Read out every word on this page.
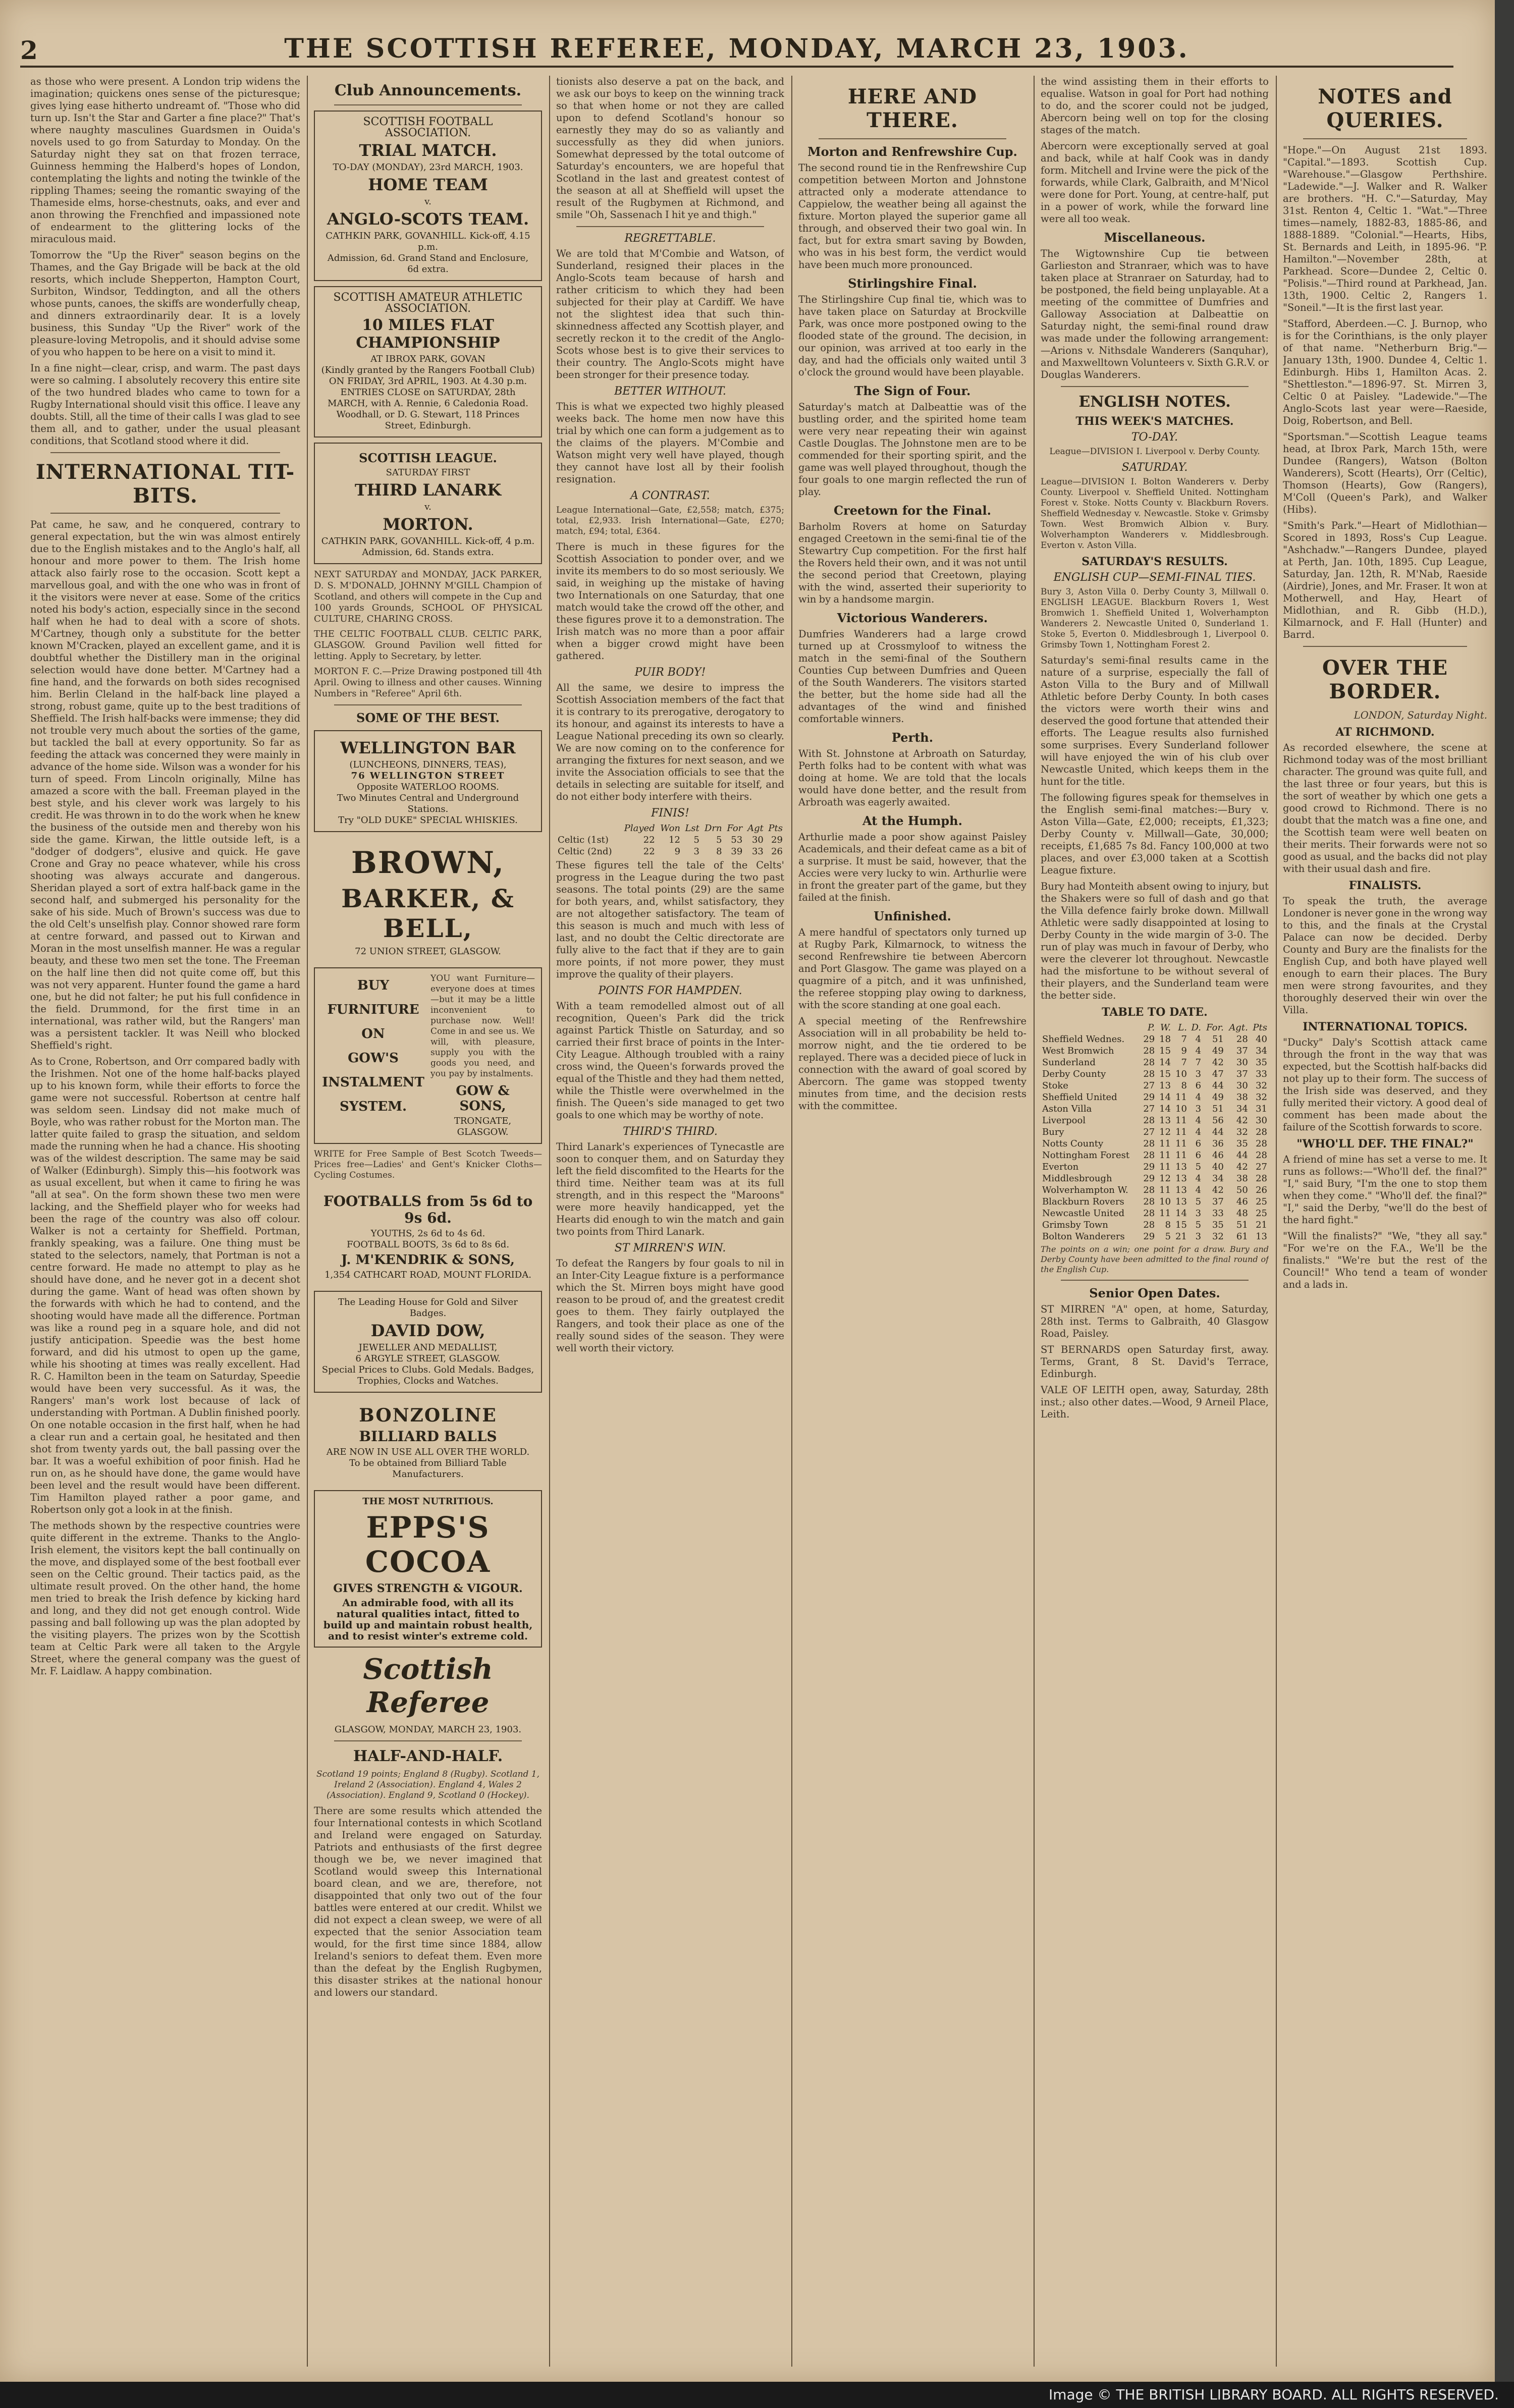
2	THE SCOTTISH REFEREE, MONDAY, MARCH 23, 1903.

as those who were present. A London trip widens the imagination; quickens ones sense of the picturesque; gives lying ease hitherto undreamt of. "Those who did turn up. Isn't the Star and Garter a fine place?" That's where naughty masculines Guardsmen in Ouida's novels used to go from Saturday to Monday. On the Saturday night they sat on that frozen terrace, Guinness hemming the Halberd's hopes of London, contemplating the lights and noting the twinkle of the rippling Thames; seeing the romantic swaying of the Thameside elms, horse-chestnuts, oaks, and ever and anon throwing the Frenchfied and impassioned note of endearment to the glittering locks of the miraculous maid.

Tomorrow the "Up the River" season begins on the Thames, and the Gay Brigade will be back at the old resorts, which include Shepperton, Hampton Court, Surbiton, Windsor, Teddington, and all the others whose punts, canoes, the skiffs are wonderfully cheap, and dinners extraordinarily dear. It is a lovely business, this Sunday "Up the River" work of the pleasure-loving Metropolis, and it should advise some of you who happen to be here on a visit to mind it.

In a fine night—clear, crisp, and warm. The past days were so calming. I absolutely recovery this entire site of the two hundred blades who came to town for a Rugby International should visit this office. I leave any doubts. Still, all the time of their calls I was glad to see them all, and to gather, under the usual pleasant conditions, that Scotland stood where it did.

INTERNATIONAL TIT-BITS.

Pat came, he saw, and he conquered, contrary to general expectation, but the win was almost entirely due to the English mistakes and to the Anglo's half, all honour and more power to them. The Irish home attack also fairly rose to the occasion. Scott kept a marvellous goal, and with the one who was in front of it the visitors were never at ease. Some of the critics noted his body's action, especially since in the second half when he had to deal with a score of shots. M'Cartney, though only a substitute for the better known M'Cracken, played an excellent game, and it is doubtful whether the Distillery man in the original selection would have done better. M'Cartney had a fine hand, and the forwards on both sides recognised him. Berlin Cleland in the half-back line played a strong, robust game, quite up to the best traditions of Sheffield. The Irish half-backs were immense; they did not trouble very much about the sorties of the game, but tackled the ball at every opportunity. So far as feeding the attack was concerned they were mainly in advance of the home side. Wilson was a wonder for his turn of speed. From Lincoln originally, Milne has amazed a score with the ball. Freeman played in the best style, and his clever work was largely to his credit. He was thrown in to do the work when he knew the business of the outside men and thereby won his side the game. Kirwan, the little outside left, is a "dodger of dodgers", elusive and quick. He gave Crone and Gray no peace whatever, while his cross shooting was always accurate and dangerous. Sheridan played a sort of extra half-back game in the second half, and submerged his personality for the sake of his side. Much of Brown's success was due to the old Celt's unselfish play. Connor showed rare form at centre forward, and passed out to Kirwan and Moran in the most unselfish manner. He was a regular beauty, and these two men set the tone. The Freeman on the half line then did not quite come off, but this was not very apparent. Hunter found the game a hard one, but he did not falter; he put his full confidence in the field. Drummond, for the first time in an international, was rather wild, but the Rangers' man was a persistent tackler. It was Neill who blocked Sheffield's right.

As to Crone, Robertson, and Orr compared badly with the Irishmen. Not one of the home half-backs played up to his known form, while their efforts to force the game were not successful. Robertson at centre half was seldom seen. Lindsay did not make much of Boyle, who was rather robust for the Morton man. The latter quite failed to grasp the situation, and seldom made the running when he had a chance. His shooting was of the wildest description. The same may be said of Walker (Edinburgh). Simply this—his footwork was as usual excellent, but when it came to firing he was "all at sea". On the form shown these two men were lacking, and the Sheffield player who for weeks had been the rage of the country was also off colour. Walker is not a certainty for Sheffield. Portman, frankly speaking, was a failure. One thing must be stated to the selectors, namely, that Portman is not a centre forward. He made no attempt to play as he should have done, and he never got in a decent shot during the game. Want of head was often shown by the forwards with which he had to contend, and the shooting would have made all the difference. Portman was like a round peg in a square hole, and did not justify anticipation. Speedie was the best home forward, and did his utmost to open up the game, while his shooting at times was really excellent. Had R. C. Hamilton been in the team on Saturday, Speedie would have been very successful. As it was, the Rangers' man's work lost because of lack of understanding with Portman. A Dublin finished poorly. On one notable occasion in the first half, when he had a clear run and a certain goal, he hesitated and then shot from twenty yards out, the ball passing over the bar. It was a woeful exhibition of poor finish. Had he run on, as he should have done, the game would have been level and the result would have been different. Tim Hamilton played rather a poor game, and Robertson only got a look in at the finish.

The methods shown by the respective countries were quite different in the extreme. Thanks to the Anglo-Irish element, the visitors kept the ball continually on the move, and displayed some of the best football ever seen on the Celtic ground. Their tactics paid, as the ultimate result proved. On the other hand, the home men tried to break the Irish defence by kicking hard and long, and they did not get enough control. Wide passing and ball following up was the plan adopted by the visiting players. The prizes won by the Scottish team at Celtic Park were all taken to the Argyle Street, where the general company was the guest of Mr. F. Laidlaw. A happy combination.

Club Announcements.
SCOTTISH FOOTBALL ASSOCIATION.
TRIAL MATCH.
TO-DAY (MONDAY), 23rd MARCH, 1903.
HOME TEAM
v.
ANGLO-SCOTS TEAM.
CATHKIN PARK, GOVANHILL. Kick-off, 4.15 p.m.
Admission, 6d. Grand Stand and Enclosure, 6d extra.
SCOTTISH AMATEUR ATHLETIC ASSOCIATION.
10 MILES FLAT CHAMPIONSHIP
AT IBROX PARK, GOVAN
(Kindly granted by the Rangers Football Club) ON FRIDAY, 3rd APRIL, 1903. At 4.30 p.m.
ENTRIES CLOSE on SATURDAY, 28th MARCH, with A. Rennie, 6 Caledonia Road. Woodhall, or D. G. Stewart, 118 Princes Street, Edinburgh.
SCOTTISH LEAGUE.
SATURDAY FIRST
THIRD LANARK
v.
MORTON.
CATHKIN PARK, GOVANHILL. Kick-off, 4 p.m. Admission, 6d. Stands extra.

NEXT SATURDAY and MONDAY, JACK PARKER, D. S. M'DONALD, JOHNNY M'GILL Champion of Scotland, and others will compete in the Cup and 100 yards Grounds, SCHOOL OF PHYSICAL CULTURE, CHARING CROSS.

THE CELTIC FOOTBALL CLUB. CELTIC PARK, GLASGOW. Ground Pavilion well fitted for letting. Apply to Secretary, by letter.

MORTON F. C.—Prize Drawing postponed till 4th April. Owing to illness and other causes. Winning Numbers in "Referee" April 6th.

SOME OF THE BEST.
WELLINGTON BAR
(LUNCHEONS, DINNERS, TEAS),
76 WELLINGTON STREET
Opposite WATERLOO ROOMS.
Two Minutes Central and Underground Stations.
Try "OLD DUKE" SPECIAL WHISKIES.
BROWN,
BARKER, & BELL,
72 UNION STREET, GLASGOW.
BUY
FURNITURE
ON
GOW'S
INSTALMENT
SYSTEM.

YOU want Furniture—everyone does at times—but it may be a little inconvenient to purchase now. Well! Come in and see us. We will, with pleasure, supply you with the goods you need, and you pay by instalments.

GOW & SONS,
TRONGATE, GLASGOW.

WRITE for Free Sample of Best Scotch Tweeds—Prices free—Ladies' and Gent's Knicker Cloths—Cycling Costumes.

FOOTBALLS from 5s 6d to 9s 6d.
YOUTHS, 2s 6d to 4s 6d.
FOOTBALL BOOTS, 3s 6d to 8s 6d.
J. M'KENDRIK & SONS,
1,354 CATHCART ROAD, MOUNT FLORIDA.
The Leading House for Gold and Silver Badges.
DAVID DOW,
JEWELLER AND MEDALLIST,
6 ARGYLE STREET, GLASGOW.
Special Prices to Clubs. Gold Medals. Badges, Trophies, Clocks and Watches.
BONZOLINE
BILLIARD BALLS
ARE NOW IN USE ALL OVER THE WORLD.
To be obtained from Billiard Table Manufacturers.
THE MOST NUTRITIOUS.
EPPS'S COCOA
GIVES STRENGTH & VIGOUR.
An admirable food, with all its natural qualities intact, fitted to build up and maintain robust health, and to resist winter's extreme cold.
Scottish Referee
GLASGOW, MONDAY, MARCH 23, 1903.
HALF-AND-HALF.

Scotland 19 points; England 8 (Rugby). Scotland 1, Ireland 2 (Association). England 4, Wales 2 (Association). England 9, Scotland 0 (Hockey).

There are some results which attended the four International contests in which Scotland and Ireland were engaged on Saturday. Patriots and enthusiasts of the first degree though we be, we never imagined that Scotland would sweep this International board clean, and we are, therefore, not disappointed that only two out of the four battles were entered at our credit. Whilst we did not expect a clean sweep, we were of all expected that the senior Association team would, for the first time since 1884, allow Ireland's seniors to defeat them. Even more than the defeat by the English Rugbymen, this disaster strikes at the national honour and lowers our standard.

tionists also deserve a pat on the back, and we ask our boys to keep on the winning track so that when home or not they are called upon to defend Scotland's honour so earnestly they may do so as valiantly and successfully as they did when juniors. Somewhat depressed by the total outcome of Saturday's encounters, we are hopeful that Scotland in the last and greatest contest of the season at all at Sheffield will upset the result of the Rugbymen at Richmond, and smile "Oh, Sassenach I hit ye and thigh."

REGRETTABLE.

We are told that M'Combie and Watson, of Sunderland, resigned their places in the Anglo-Scots team because of harsh and rather criticism to which they had been subjected for their play at Cardiff. We have not the slightest idea that such thin-skinnedness affected any Scottish player, and secretly reckon it to the credit of the Anglo-Scots whose best is to give their services to their country. The Anglo-Scots might have been stronger for their presence today.

BETTER WITHOUT.

This is what we expected two highly pleased weeks back. The home men now have this trial by which one can form a judgement as to the claims of the players. M'Combie and Watson might very well have played, though they cannot have lost all by their foolish resignation.

A CONTRAST.

League International—Gate, £2,558; match, £375; total, £2,933. Irish International—Gate, £270; match, £94; total, £364.

There is much in these figures for the Scottish Association to ponder over, and we invite its members to do so most seriously. We said, in weighing up the mistake of having two Internationals on one Saturday, that one match would take the crowd off the other, and these figures prove it to a demonstration. The Irish match was no more than a poor affair when a bigger crowd might have been gathered.

PUIR BODY!

All the same, we desire to impress the Scottish Association members of the fact that it is contrary to its prerogative, derogatory to its honour, and against its interests to have a League National preceding its own so clearly. We are now coming on to the conference for arranging the fixtures for next season, and we invite the Association officials to see that the details in selecting are suitable for itself, and do not either body interfere with theirs.

FINIS!
	Played	Won	Lst	Drn	For	Agt	Pts
Celtic (1st)	22	12	5	5	53	30	29
Celtic (2nd)	22	9	3	8	39	33	26

These figures tell the tale of the Celts' progress in the League during the two past seasons. The total points (29) are the same for both years, and, whilst satisfactory, they are not altogether satisfactory. The team of this season is much and much with less of last, and no doubt the Celtic directorate are fully alive to the fact that if they are to gain more points, if not more power, they must improve the quality of their players.

POINTS FOR HAMPDEN.

With a team remodelled almost out of all recognition, Queen's Park did the trick against Partick Thistle on Saturday, and so carried their first brace of points in the Inter-City League. Although troubled with a rainy cross wind, the Queen's forwards proved the equal of the Thistle and they had them netted, while the Thistle were overwhelmed in the finish. The Queen's side managed to get two goals to one which may be worthy of note.

THIRD'S THIRD.

Third Lanark's experiences of Tynecastle are soon to conquer them, and on Saturday they left the field discomfited to the Hearts for the third time. Neither team was at its full strength, and in this respect the "Maroons" were more heavily handicapped, yet the Hearts did enough to win the match and gain two points from Third Lanark.

ST MIRREN'S WIN.

To defeat the Rangers by four goals to nil in an Inter-City League fixture is a performance which the St. Mirren boys might have good reason to be proud of, and the greatest credit goes to them. They fairly outplayed the Rangers, and took their place as one of the really sound sides of the season. They were well worth their victory.

HERE AND THERE.
Morton and Renfrewshire Cup.

The second round tie in the Renfrewshire Cup competition between Morton and Johnstone attracted only a moderate attendance to Cappielow, the weather being all against the fixture. Morton played the superior game all through, and observed their two goal win. In fact, but for extra smart saving by Bowden, who was in his best form, the verdict would have been much more pronounced.

Stirlingshire Final.

The Stirlingshire Cup final tie, which was to have taken place on Saturday at Brockville Park, was once more postponed owing to the flooded state of the ground. The decision, in our opinion, was arrived at too early in the day, and had the officials only waited until 3 o'clock the ground would have been playable.

The Sign of Four.

Saturday's match at Dalbeattie was of the bustling order, and the spirited home team were very near repeating their win against Castle Douglas. The Johnstone men are to be commended for their sporting spirit, and the game was well played throughout, though the four goals to one margin reflected the run of play.

Creetown for the Final.

Barholm Rovers at home on Saturday engaged Creetown in the semi-final tie of the Stewartry Cup competition. For the first half the Rovers held their own, and it was not until the second period that Creetown, playing with the wind, asserted their superiority to win by a handsome margin.

Victorious Wanderers.

Dumfries Wanderers had a large crowd turned up at Crossmyloof to witness the match in the semi-final of the Southern Counties Cup between Dumfries and Queen of the South Wanderers. The visitors started the better, but the home side had all the advantages of the wind and finished comfortable winners.

Perth.

With St. Johnstone at Arbroath on Saturday, Perth folks had to be content with what was doing at home. We are told that the locals would have done better, and the result from Arbroath was eagerly awaited.

At the Humph.

Arthurlie made a poor show against Paisley Academicals, and their defeat came as a bit of a surprise. It must be said, however, that the Accies were very lucky to win. Arthurlie were in front the greater part of the game, but they failed at the finish.

Unfinished.

A mere handful of spectators only turned up at Rugby Park, Kilmarnock, to witness the second Renfrewshire tie between Abercorn and Port Glasgow. The game was played on a quagmire of a pitch, and it was unfinished, the referee stopping play owing to darkness, with the score standing at one goal each.

A special meeting of the Renfrewshire Association will in all probability be held to-morrow night, and the tie ordered to be replayed. There was a decided piece of luck in connection with the award of goal scored by Abercorn. The game was stopped twenty minutes from time, and the decision rests with the committee.

the wind assisting them in their efforts to equalise. Watson in goal for Port had nothing to do, and the scorer could not be judged, Abercorn being well on top for the closing stages of the match.

Abercorn were exceptionally served at goal and back, while at half Cook was in dandy form. Mitchell and Irvine were the pick of the forwards, while Clark, Galbraith, and M'Nicol were done for Port. Young, at centre-half, put in a power of work, while the forward line were all too weak.

Miscellaneous.

The Wigtownshire Cup tie between Garlieston and Stranraer, which was to have taken place at Stranraer on Saturday, had to be postponed, the field being unplayable. At a meeting of the committee of Dumfries and Galloway Association at Dalbeattie on Saturday night, the semi-final round draw was made under the following arrangement:—Arions v. Nithsdale Wanderers (Sanquhar), and Maxwelltown Volunteers v. Sixth G.R.V. or Douglas Wanderers.

ENGLISH NOTES.
THIS WEEK'S MATCHES.
TO-DAY.

League—DIVISION I. Liverpool v. Derby County.

SATURDAY.

League—DIVISION I. Bolton Wanderers v. Derby County. Liverpool v. Sheffield United. Nottingham Forest v. Stoke. Notts County v. Blackburn Rovers. Sheffield Wednesday v. Newcastle. Stoke v. Grimsby Town. West Bromwich Albion v. Bury. Wolverhampton Wanderers v. Middlesbrough. Everton v. Aston Villa.

SATURDAY'S RESULTS.
ENGLISH CUP—SEMI-FINAL TIES.

Bury 3, Aston Villa 0. Derby County 3, Millwall 0. ENGLISH LEAGUE. Blackburn Rovers 1, West Bromwich 1. Sheffield United 1, Wolverhampton Wanderers 2. Newcastle United 0, Sunderland 1. Stoke 5, Everton 0. Middlesbrough 1, Liverpool 0. Grimsby Town 1, Nottingham Forest 2.

Saturday's semi-final results came in the nature of a surprise, especially the fall of Aston Villa to the Bury and of Millwall Athletic before Derby County. In both cases the victors were worth their wins and deserved the good fortune that attended their efforts. The League results also furnished some surprises. Every Sunderland follower will have enjoyed the win of his club over Newcastle United, which keeps them in the hunt for the title.

The following figures speak for themselves in the English semi-final matches:—Bury v. Aston Villa—Gate, £2,000; receipts, £1,323; Derby County v. Millwall—Gate, 30,000; receipts, £1,685 7s 8d. Fancy 100,000 at two places, and over £3,000 taken at a Scottish League fixture.

Bury had Monteith absent owing to injury, but the Shakers were so full of dash and go that the Villa defence fairly broke down. Millwall Athletic were sadly disappointed at losing to Derby County in the wide margin of 3-0. The run of play was much in favour of Derby, who were the cleverer lot throughout. Newcastle had the misfortune to be without several of their players, and the Sunderland team were the better side.

TABLE TO DATE.
	P.	W.	L.	D.	For.	Agt.	Pts
Sheffield Wednes.	29	18	7	4	51	28	40
West Bromwich	28	15	9	4	49	37	34
Sunderland	28	14	7	7	42	30	35
Derby County	28	15	10	3	47	37	33
Stoke	27	13	8	6	44	30	32
Sheffield United	29	14	11	4	49	38	32
Aston Villa	27	14	10	3	51	34	31
Liverpool	28	13	11	4	56	42	30
Bury	27	12	11	4	44	32	28
Notts County	28	11	11	6	36	35	28
Nottingham Forest	28	11	11	6	46	44	28
Everton	29	11	13	5	40	42	27
Middlesbrough	29	12	13	4	34	38	28
Wolverhampton W.	28	11	13	4	42	50	26
Blackburn Rovers	28	10	13	5	37	46	25
Newcastle United	28	11	14	3	33	48	25
Grimsby Town	28	8	15	5	35	51	21
Bolton Wanderers	29	5	21	3	32	61	13

The points on a win; one point for a draw. Bury and Derby County have been admitted to the final round of the English Cup.

Senior Open Dates.

ST MIRREN "A" open, at home, Saturday, 28th inst. Terms to Galbraith, 40 Glasgow Road, Paisley.

ST BERNARDS open Saturday first, away. Terms, Grant, 8 St. David's Terrace, Edinburgh.

VALE OF LEITH open, away, Saturday, 28th inst.; also other dates.—Wood, 9 Arneil Place, Leith.

NOTES and QUERIES.

"Hope."—On August 21st 1893. "Capital."—1893. Scottish Cup. "Warehouse."—Glasgow Perthshire. "Ladewide."—J. Walker and R. Walker are brothers. "H. C."—Saturday, May 31st. Renton 4, Celtic 1. "Wat."—Three times—namely, 1882-83, 1885-86, and 1888-1889. "Colonial."—Hearts, Hibs, St. Bernards and Leith, in 1895-96. "P. Hamilton."—November 28th, at Parkhead. Score—Dundee 2, Celtic 0. "Polisis."—Third round at Parkhead, Jan. 13th, 1900. Celtic 2, Rangers 1. "Soneil."—It is the first last year.

"Stafford, Aberdeen.—C. J. Burnop, who is for the Corinthians, is the only player of that name. "Netherburn Brig."—January 13th, 1900. Dundee 4, Celtic 1. Edinburgh. Hibs 1, Hamilton Acas. 2. "Shettleston."—1896-97. St. Mirren 3, Celtic 0 at Paisley. "Ladewide."—The Anglo-Scots last year were—Raeside, Doig, Robertson, and Bell.

"Sportsman."—Scottish League teams head, at Ibrox Park, March 15th, were Dundee (Rangers), Watson (Bolton Wanderers), Scott (Hearts), Orr (Celtic), Thomson (Hearts), Gow (Rangers), M'Coll (Queen's Park), and Walker (Hibs).

"Smith's Park."—Heart of Midlothian—Scored in 1893, Ross's Cup League. "Ashchadw."—Rangers Dundee, played at Perth, Jan. 10th, 1895. Cup League, Saturday, Jan. 12th, R. M'Nab, Raeside (Airdrie), Jones, and Mr. Fraser. It won at Motherwell, and Hay, Heart of Midlothian, and R. Gibb (H.D.), Kilmarnock, and F. Hall (Hunter) and Barrd.

OVER THE BORDER.
LONDON, Saturday Night.
AT RICHMOND.

As recorded elsewhere, the scene at Richmond today was of the most brilliant character. The ground was quite full, and the last three or four years, but this is the sort of weather by which one gets a good crowd to Richmond. There is no doubt that the match was a fine one, and the Scottish team were well beaten on their merits. Their forwards were not so good as usual, and the backs did not play with their usual dash and fire.

FINALISTS.

To speak the truth, the average Londoner is never gone in the wrong way to this, and the finals at the Crystal Palace can now be decided. Derby County and Bury are the finalists for the English Cup, and both have played well enough to earn their places. The Bury men were strong favourites, and they thoroughly deserved their win over the Villa.

INTERNATIONAL TOPICS.

"Ducky" Daly's Scottish attack came through the front in the way that was expected, but the Scottish half-backs did not play up to their form. The success of the Irish side was deserved, and they fully merited their victory. A good deal of comment has been made about the failure of the Scottish forwards to score.

"WHO'LL DEF. THE FINAL?"

A friend of mine has set a verse to me. It runs as follows:—"Who'll def. the final?" "I," said Bury, "I'm the one to stop them when they come." "Who'll def. the final?" "I," said the Derby, "we'll do the best of the hard fight."

"Will the finalists?" "We, "they all say." "For we're on the F.A., We'll be the finalists." "We're but the rest of the Council!" Who tend a team of wonder and a lads in.

Image © THE BRITISH LIBRARY BOARD. ALL RIGHTS RESERVED.
